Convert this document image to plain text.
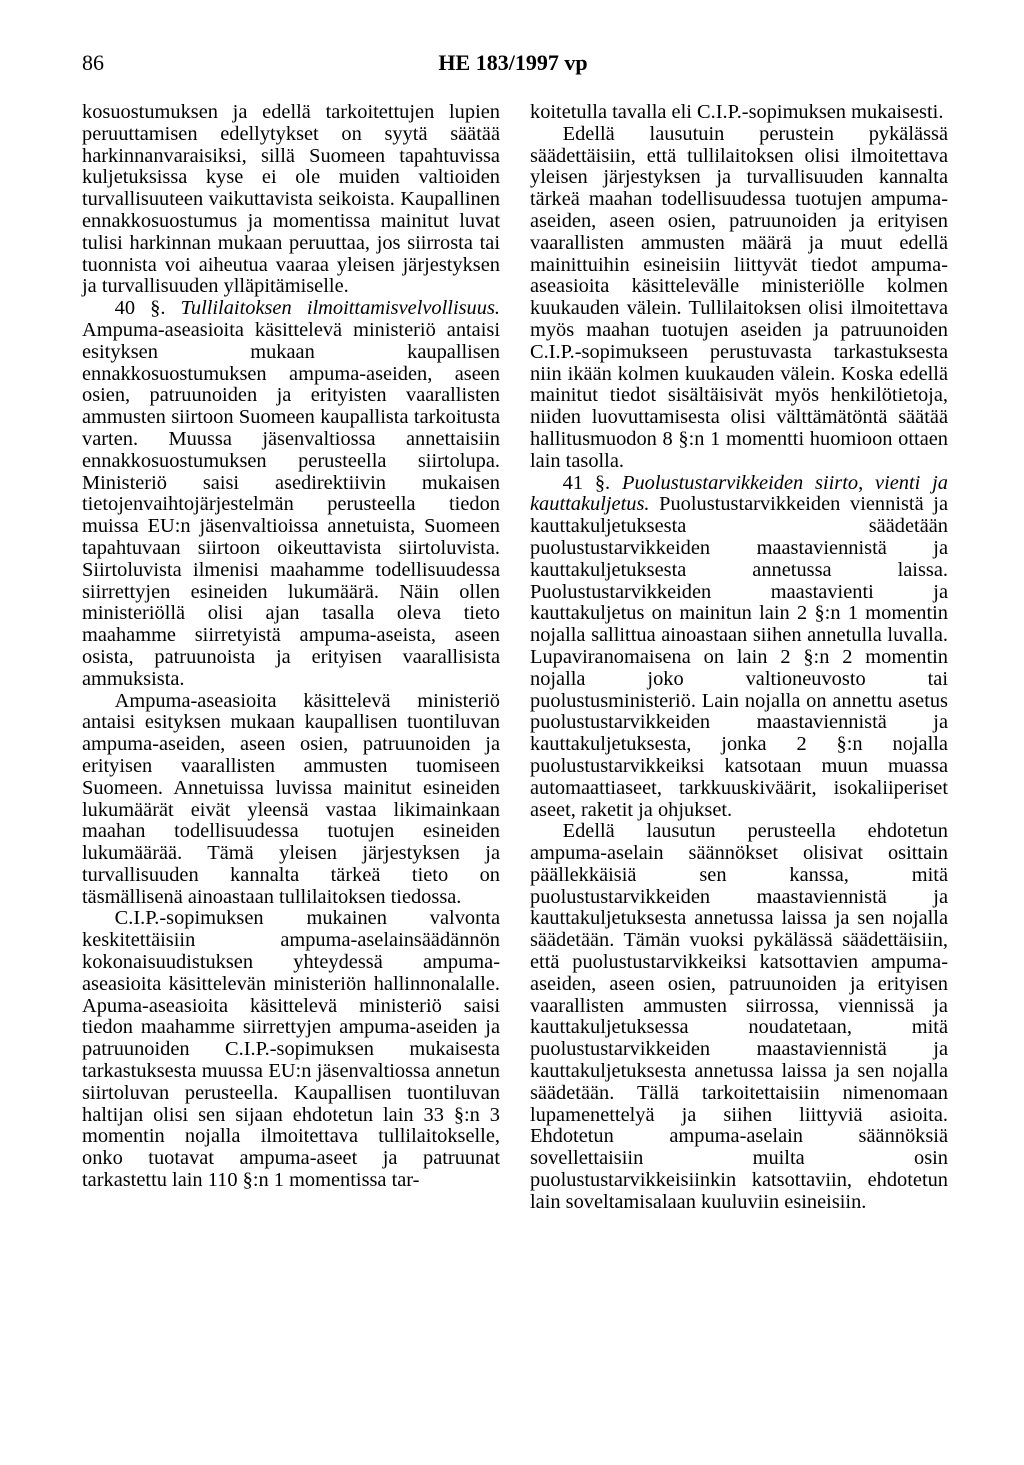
86	HE 183/1997 vp

kosuostumuksen ja edellä tarkoitettujen lupien peruuttamisen edellytykset on syytä säätää harkinnanvaraisiksi, sillä Suomeen tapahtuvissa kuljetuksissa kyse ei ole muiden valtioiden turvallisuuteen vaikuttavista seikoista. Kaupallinen ennakkosuostumus ja momentissa mainitut luvat tulisi harkinnan mukaan peruuttaa, jos siirrosta tai tuonnista voi aiheutua vaaraa yleisen järjestyksen ja turvallisuuden ylläpitämiselle.

40 §. Tullilaitoksen ilmoittamisvelvollisuus. Ampuma-aseasioita käsittelevä ministeriö antaisi esityksen mukaan kaupallisen ennakkosuostumuksen ampuma-aseiden, aseen osien, patruunoiden ja erityisten vaarallisten ammusten siirtoon Suomeen kaupallista tarkoitusta varten. Muussa jäsenvaltiossa annettaisiin ennakkosuostumuksen perusteella siirtolupa. Ministeriö saisi asedirektiivin mukaisen tietojenvaihtojärjestelmän perusteella tiedon muissa EU:n jäsenvaltioissa annetuista, Suomeen tapahtuvaan siirtoon oikeuttavista siirtoluvista. Siirtoluvista ilmenisi maahamme todellisuudessa siirrettyjen esineiden lukumäärä. Näin ollen ministeriöllä olisi ajan tasalla oleva tieto maahamme siirretyistä ampuma-aseista, aseen osista, patruunoista ja erityisen vaarallisista ammuksista.

Ampuma-aseasioita käsittelevä ministeriö antaisi esityksen mukaan kaupallisen tuontiluvan ampuma-aseiden, aseen osien, patruunoiden ja erityisen vaarallisten ammusten tuomiseen Suomeen. Annetuissa luvissa mainitut esineiden lukumäärät eivät yleensä vastaa likimainkaan maahan todellisuudessa tuotujen esineiden lukumäärää. Tämä yleisen järjestyksen ja turvallisuuden kannalta tärkeä tieto on täsmällisenä ainoastaan tullilaitoksen tiedossa.

C.I.P.-sopimuksen mukainen valvonta keskitettäisiin ampuma-aselainsäädännön kokonaisuudistuksen yhteydessä ampuma-aseasioita käsittelevän ministeriön hallinnonalalle. Apuma-aseasioita käsittelevä ministeriö saisi tiedon maahamme siirrettyjen ampuma-aseiden ja patruunoiden C.I.P.-sopimuksen mukaisesta tarkastuksesta muussa EU:n jäsenvaltiossa annetun siirtoluvan perusteella. Kaupallisen tuontiluvan haltijan olisi sen sijaan ehdotetun lain 33 §:n 3 momentin nojalla ilmoitettava tullilaitokselle, onko tuotavat ampuma-aseet ja patruunat tarkastettu lain 110 §:n 1 momentissa tar-

koitetulla tavalla eli C.I.P.-sopimuksen mukaisesti.

Edellä lausutuin perustein pykälässä säädettäisiin, että tullilaitoksen olisi ilmoitettava yleisen järjestyksen ja turvallisuuden kannalta tärkeä maahan todellisuudessa tuotujen ampuma-aseiden, aseen osien, patruunoiden ja erityisen vaarallisten ammusten määrä ja muut edellä mainittuihin esineisiin liittyvät tiedot ampuma-aseasioita käsittelevälle ministeriölle kolmen kuukauden välein. Tullilaitoksen olisi ilmoitettava myös maahan tuotujen aseiden ja patruunoiden C.I.P.-sopimukseen perustuvasta tarkastuksesta niin ikään kolmen kuukauden välein. Koska edellä mainitut tiedot sisältäisivät myös henkilötietoja, niiden luovuttamisesta olisi välttämätöntä säätää hallitusmuodon 8 §:n 1 momentti huomioon ottaen lain tasolla.

41 §. Puolustustarvikkeiden siirto, vienti ja kauttakuljetus. Puolustustarvikkeiden viennistä ja kauttakuljetuksesta säädetään puolustustarvikkeiden maastaviennistä ja kauttakuljetuksesta annetussa laissa. Puolustustarvikkeiden maastavienti ja kauttakuljetus on mainitun lain 2 §:n 1 momentin nojalla sallittua ainoastaan siihen annetulla luvalla. Lupaviranomaisena on lain 2 §:n 2 momentin nojalla joko valtioneuvosto tai puolustusministeriö. Lain nojalla on annettu asetus puolustustarvikkeiden maastaviennistä ja kauttakuljetuksesta, jonka 2 §:n nojalla puolustustarvikkeiksi katsotaan muun muassa automaattiaseet, tarkkuuskiväärit, isokaliiperiset aseet, raketit ja ohjukset.

Edellä lausutun perusteella ehdotetun ampuma-aselain säännökset olisivat osittain päällekkäisiä sen kanssa, mitä puolustustarvikkeiden maastaviennistä ja kauttakuljetuksesta annetussa laissa ja sen nojalla säädetään. Tämän vuoksi pykälässä säädettäisiin, että puolustustarvikkeiksi katsottavien ampuma-aseiden, aseen osien, patruunoiden ja erityisen vaarallisten ammusten siirrossa, viennissä ja kauttakuljetuksessa noudatetaan, mitä puolustustarvikkeiden maastaviennistä ja kauttakuljetuksesta annetussa laissa ja sen nojalla säädetään. Tällä tarkoitettaisiin nimenomaan lupamenettelyä ja siihen liittyviä asioita. Ehdotetun ampuma-aselain säännöksiä sovellettaisiin muilta osin puolustustarvikkeisiinkin katsottaviin, ehdotetun lain soveltamisalaan kuuluviin esineisiin.
